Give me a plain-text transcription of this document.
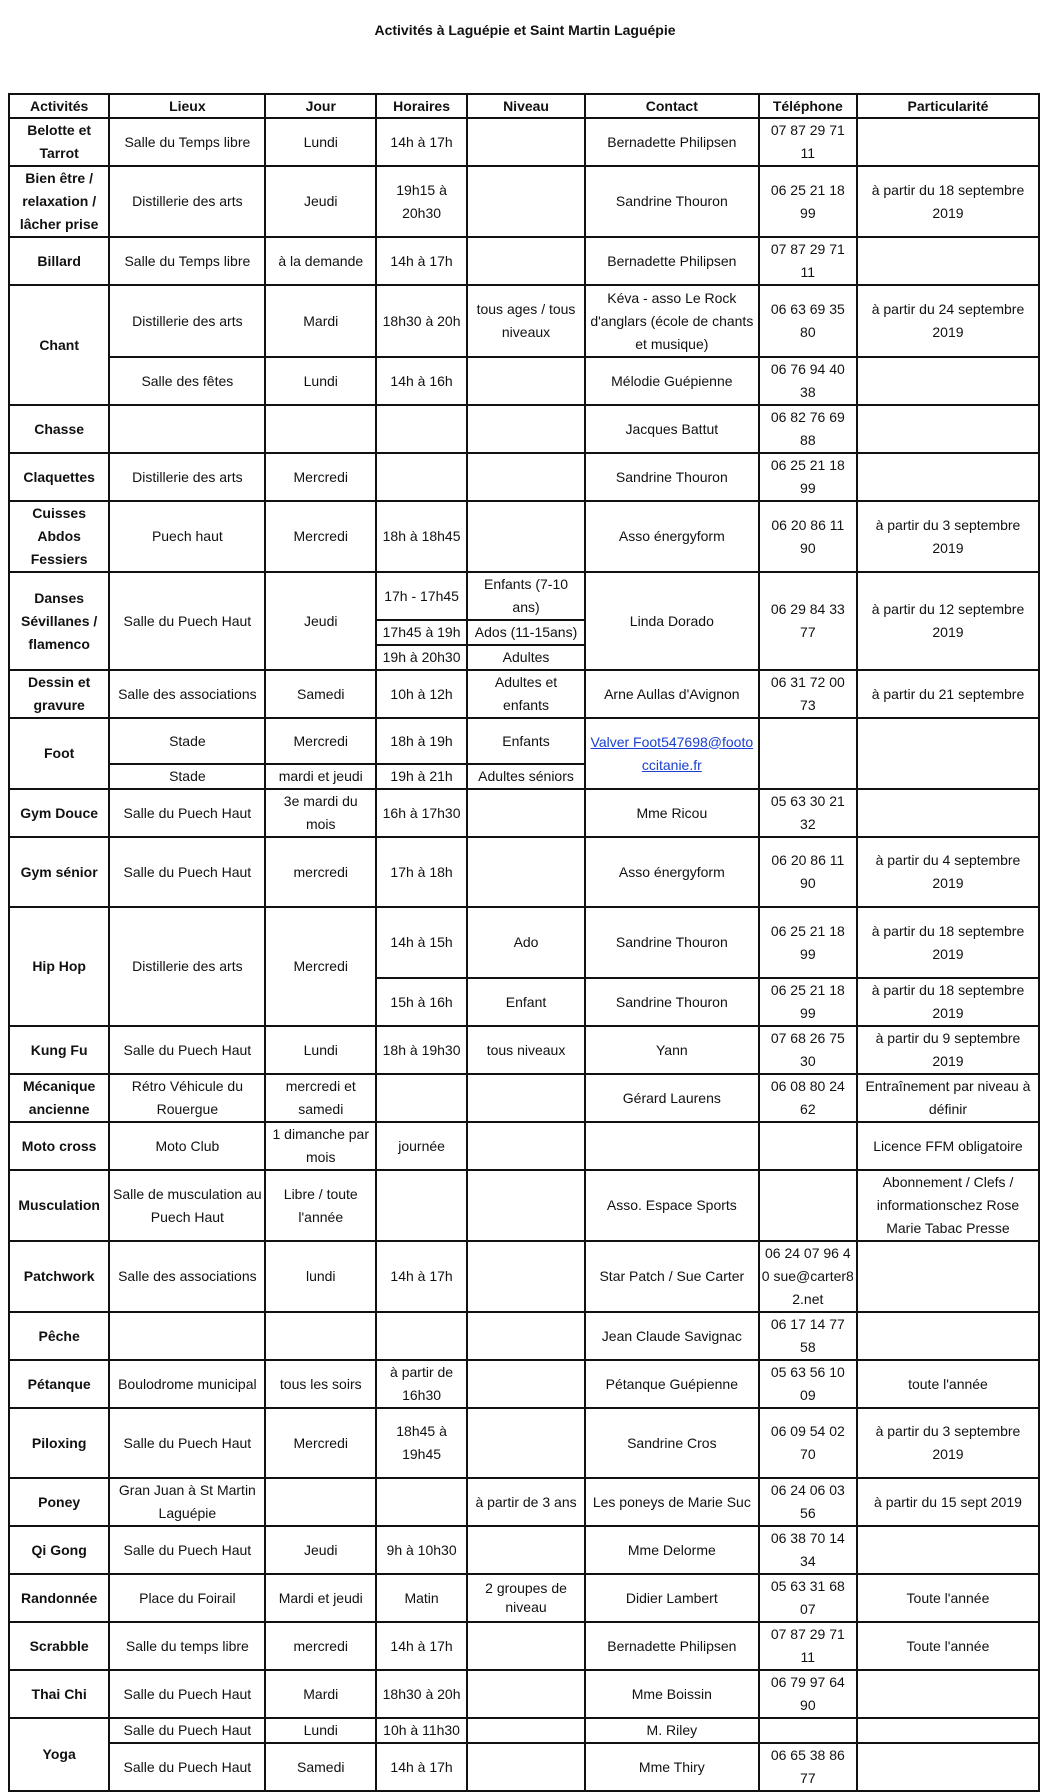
Activités à Laguépie et Saint Martin Laguépie
Activités	Lieux	Jour	Horaires	Niveau	Contact	Téléphone	Particularité
Belotte et Tarrot	Salle du Temps libre	Lundi	14h à 17h		Bernadette Philipsen	07 87 29 71 11	
Bien être / relaxation / lâcher prise	Distillerie des arts	Jeudi	19h15 à 20h30		Sandrine Thouron	06 25 21 18 99	à partir du 18 septembre 2019
Billard	Salle du Temps libre	à la demande	14h à 17h		Bernadette Philipsen	07 87 29 71 11	
Chant	Distillerie des arts	Mardi	18h30 à 20h	tous ages / tous niveaux	Kéva - asso Le Rock d'anglars (école de chants et musique)	06 63 69 35 80	à partir du 24 septembre 2019
	Salle des fêtes	Lundi	14h à 16h		Mélodie Guépienne	06 76 94 40 38	
Chasse					Jacques Battut	06 82 76 69 88	
Claquettes	Distillerie des arts	Mercredi			Sandrine Thouron	06 25 21 18 99	
Cuisses Abdos Fessiers	Puech haut	Mercredi	18h à 18h45		Asso énergyform	06 20 86 11 90	à partir du 3 septembre 2019
Danses Sévillanes / flamenco	Salle du Puech Haut	Jeudi	17h - 17h45	Enfants (7-10 ans)	Linda Dorado	06 29 84 33 77	à partir du 12 septembre 2019
			17h45 à 19h	Ados (11-15ans)			
			19h à 20h30	Adultes			
Dessin et gravure	Salle des associations	Samedi	10h à 12h	Adultes et enfants	Arne Aullas d'Avignon	06 31 72 00 73	à partir du 21 septembre
Foot	Stade	Mercredi	18h à 19h	Enfants	Valver Foot547698@footoccitanie.fr		
	Stade	mardi et jeudi	19h à 21h	Adultes séniors			
Gym Douce	Salle du Puech Haut	3e mardi du mois	16h à 17h30		Mme Ricou	05 63 30 21 32	
Gym sénior	Salle du Puech Haut	mercredi	17h à 18h		Asso énergyform	06 20 86 11 90	à partir du 4 septembre 2019
Hip Hop	Distillerie des arts	Mercredi	14h à 15h	Ado	Sandrine Thouron	06 25 21 18 99	à partir du 18 septembre 2019
			15h à 16h	Enfant	Sandrine Thouron	06 25 21 18 99	à partir du 18 septembre 2019
Kung Fu	Salle du Puech Haut	Lundi	18h à 19h30	tous niveaux	Yann	07 68 26 75 30	à partir du 9 septembre 2019
Mécanique ancienne	Rétro Véhicule du Rouergue	mercredi et samedi			Gérard Laurens	06 08 80 24 62	Entraînement par niveau à définir
Moto cross	Moto Club	1 dimanche par mois	journée				Licence FFM obligatoire
Musculation	Salle de musculation au Puech Haut	Libre / toute l'année			Asso. Espace Sports		Abonnement / Clefs / informationschez Rose Marie Tabac Presse
Patchwork	Salle des associations	lundi	14h à 17h		Star Patch / Sue Carter	06 24 07 96 40 sue@carter82.net	
Pêche					Jean Claude Savignac	06 17 14 77 58	
Pétanque	Boulodrome municipal	tous les soirs	à partir de 16h30		Pétanque Guépienne	05 63 56 10 09	toute l'année
Piloxing	Salle du Puech Haut	Mercredi	18h45 à 19h45		Sandrine Cros	06 09 54 02 70	à partir du 3 septembre 2019
Poney	Gran Juan à St Martin Laguépie			à partir de 3 ans	Les poneys de Marie Suc	06 24 06 03 56	à partir du 15 sept 2019
Qi Gong	Salle du Puech Haut	Jeudi	9h à 10h30		Mme Delorme	06 38 70 14 34	
Randonnée	Place du Foirail	Mardi et jeudi	Matin	2 groupes de niveau	Didier Lambert	05 63 31 68 07	Toute l'année
Scrabble	Salle du temps libre	mercredi	14h à 17h		Bernadette Philipsen	07 87 29 71 11	Toute l'année
Thai Chi	Salle du Puech Haut	Mardi	18h30 à 20h		Mme Boissin	06 79 97 64 90	
Yoga	Salle du Puech Haut	Lundi	10h à 11h30		M. Riley		
	Salle du Puech Haut	Samedi	14h à 17h		Mme Thiry	06 65 38 86 77	
